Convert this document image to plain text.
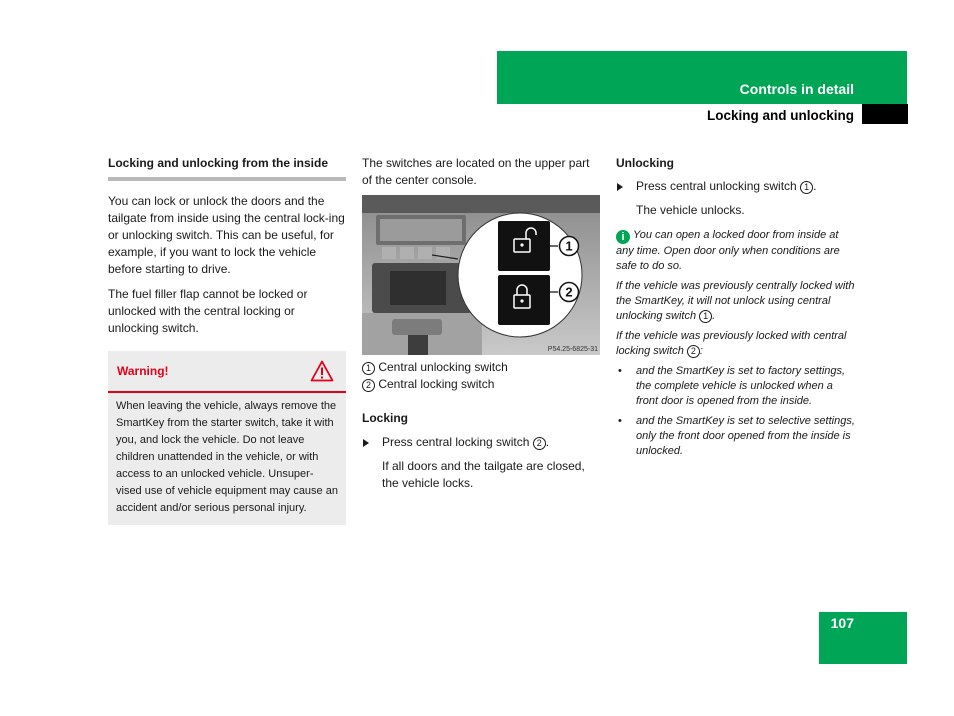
Controls in detail
Locking and unlocking

Locking and unlocking from the inside

You can lock or unlock the doors and the tailgate from inside using the central lock-ing or unlocking switch. This can be useful, for example, if you want to lock the vehicle before starting to drive.

The fuel filler flap cannot be locked or unlocked with the central locking or unlocking switch.

Warning!

When leaving the vehicle, always remove the SmartKey from the starter switch, take it with you, and lock the vehicle. Do not leave children unattended in the vehicle, or with access to an unlocked vehicle. Unsuper-vised use of vehicle equipment may cause an accident and/or serious personal injury.

The switches are located on the upper part of the center console.

1
2
P54.25-6825-31

1 Central unlocking switch

2 Central locking switch

Locking

Press central locking switch 2 .

If all doors and the tailgate are closed, the vehicle locks.

Unlocking

Press central unlocking switch 1 .

The vehicle unlocks.

i You can open a locked door from inside at any time. Open door only when conditions are safe to do so.

If the vehicle was previously centrally locked with the SmartKey, it will not unlock using central unlocking switch 1 .

If the vehicle was previously locked with central locking switch 2 :

• and the SmartKey is set to factory settings, the complete vehicle is unlocked when a front door is opened from the inside.

• and the SmartKey is set to selective settings, only the front door opened from the inside is unlocked.

107
